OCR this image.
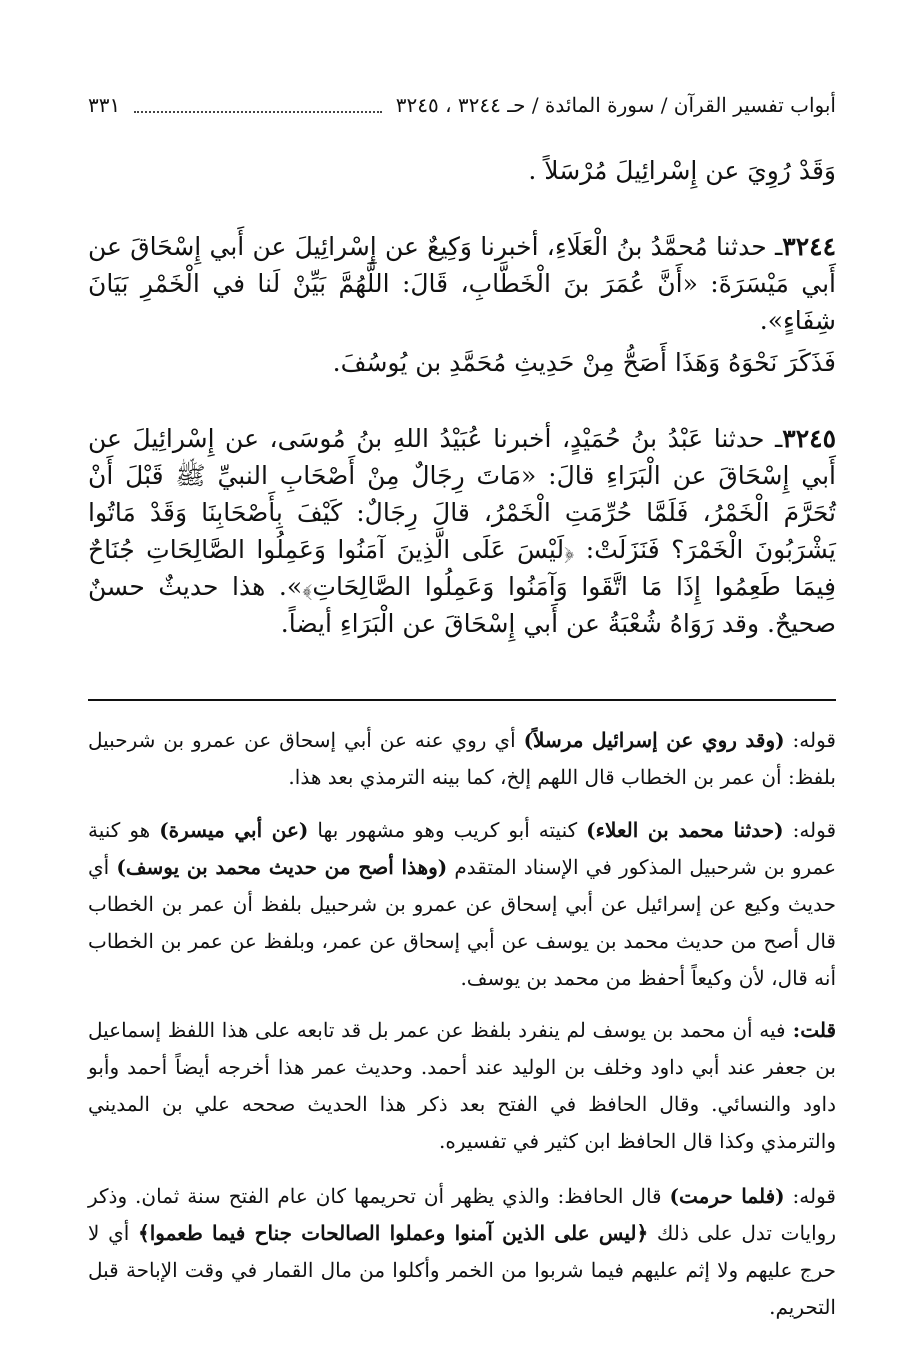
أبواب تفسير القرآن / سورة المائدة / حـ ٣٢٤٤ ، ٣٢٤٥
٣٣١

وَقَدْ رُوِيَ عن إِسْرائِيلَ مُرْسَلاً .

٣٢٤٤ـ حدثنا مُحمَّدُ بنُ الْعَلَاءِ، أخبرنا وَكِيعٌ عن إِسْرائِيلَ عن أَبي إِسْحَاقَ عن أَبي مَيْسَرَةَ: «أَنَّ عُمَرَ بنَ الْخَطَّابِ، قَالَ: اللَّهُمَّ بَيِّنْ لَنا في الْخَمْرِ بَيَانَ شِفَاءٍ».

فَذَكَرَ نَحْوَهُ وَهَذَا أَصَحُّ مِنْ حَدِيثِ مُحَمَّدِ بن يُوسُفَ.

٣٢٤٥ـ حدثنا عَبْدُ بنُ حُمَيْدٍ، أخبرنا عُبَيْدُ اللهِ بنُ مُوسَى، عن إِسْرائِيلَ عن أَبي إِسْحَاقَ عن الْبَرَاءِ قالَ: «مَاتَ رِجَالٌ مِنْ أَصْحَابِ النبيِّ ﷺ قَبْلَ أَنْ تُحَرَّمَ الْخَمْرُ، فَلَمَّا حُرِّمَتِ الْخَمْرُ، قالَ رِجَالٌ: كَيْفَ بِأَصْحَابِنَا وَقَدْ مَاتُوا يَشْرَبُونَ الْخَمْرَ؟ فَنَزَلَتْ: ﴿لَيْسَ عَلَى الَّذِينَ آمَنُوا وَعَمِلُوا الصَّالِحَاتِ جُنَاحٌ فِيمَا طَعِمُوا إِذَا مَا اتَّقَوا وَآمَنُوا وَعَمِلُوا الصَّالِحَاتِ﴾». هذا حديثٌ حسنٌ صحيحٌ. وقد رَوَاهُ شُعْبَةُ عن أَبي إِسْحَاقَ عن الْبَرَاءِ أيضاً.

قوله: (وقد روي عن إسرائيل مرسلاً) أي روي عنه عن أبي إسحاق عن عمرو بن شرحبيل بلفظ: أن عمر بن الخطاب قال اللهم إلخ، كما بينه الترمذي بعد هذا.

قوله: (حدثنا محمد بن العلاء) كنيته أبو كريب وهو مشهور بها (عن أبي ميسرة) هو كنية عمرو بن شرحبيل المذكور في الإسناد المتقدم (وهذا أصح من حديث محمد بن يوسف) أي حديث وكيع عن إسرائيل عن أبي إسحاق عن عمرو بن شرحبيل بلفظ أن عمر بن الخطاب قال أصح من حديث محمد بن يوسف عن أبي إسحاق عن عمر، وبلفظ عن عمر بن الخطاب أنه قال، لأن وكيعاً أحفظ من محمد بن يوسف.

قلت: فيه أن محمد بن يوسف لم ينفرد بلفظ عن عمر بل قد تابعه على هذا اللفظ إسماعيل بن جعفر عند أبي داود وخلف بن الوليد عند أحمد. وحديث عمر هذا أخرجه أيضاً أحمد وأبو داود والنسائي. وقال الحافظ في الفتح بعد ذكر هذا الحديث صححه علي بن المديني والترمذي وكذا قال الحافظ ابن كثير في تفسيره.

قوله: (فلما حرمت) قال الحافظ: والذي يظهر أن تحريمها كان عام الفتح سنة ثمان. وذكر روايات تدل على ذلك ﴿ليس على الذين آمنوا وعملوا الصالحات جناح فيما طعموا﴾ أي لا حرج عليهم ولا إثم عليهم فيما شربوا من الخمر وأكلوا من مال القمار في وقت الإباحة قبل التحريم.
